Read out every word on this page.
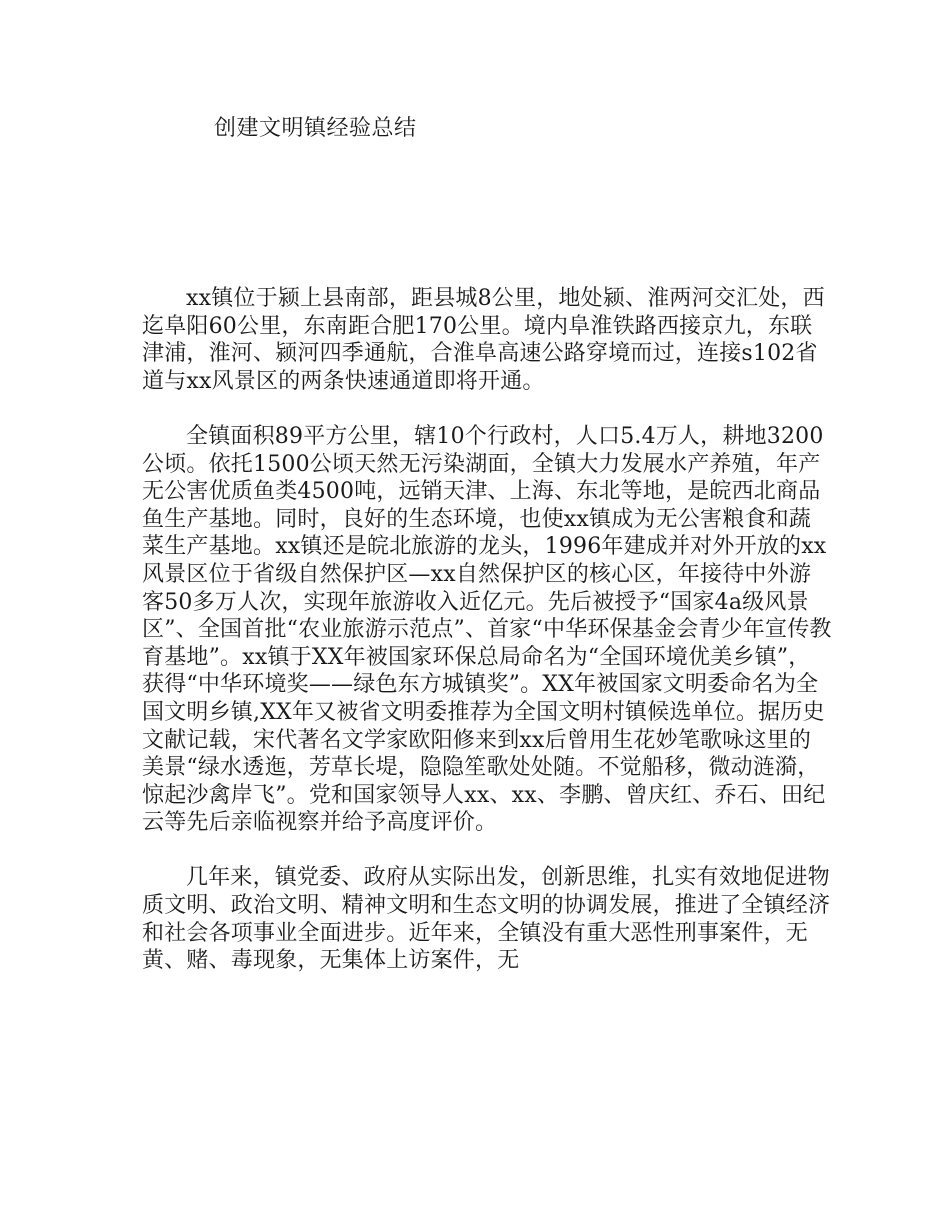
创建文明镇经验总结

xx镇位于颍上县南部，距县城8公里，地处颍、淮两河交汇处，西迄阜阳60公里，东南距合肥170公里。境内阜淮铁路西接京九，东联津浦，淮河、颍河四季通航，合淮阜高速公路穿境而过，连接s102省道与xx风景区的两条快速通道即将开通。

全镇面积89平方公里，辖10个行政村，人口5.4万人，耕地3200公顷。依托1500公顷天然无污染湖面，全镇大力发展水产养殖，年产无公害优质鱼类4500吨，远销天津、上海、东北等地，是皖西北商品鱼生产基地。同时，良好的生态环境，也使xx镇成为无公害粮食和蔬菜生产基地。xx镇还是皖北旅游的龙头，1996年建成并对外开放的xx风景区位于省级自然保护区—xx自然保护区的核心区，年接待中外游客50多万人次，实现年旅游收入近亿元。先后被授予“国家4a级风景区”、全国首批“农业旅游示范点”、首家“中华环保基金会青少年宣传教育基地”。xx镇于XX年被国家环保总局命名为“全国环境优美乡镇”，获得“中华环境奖——绿色东方城镇奖”。XX年被国家文明委命名为全国文明乡镇,XX年又被省文明委推荐为全国文明村镇候选单位。据历史文献记载，宋代著名文学家欧阳修来到xx后曾用生花妙笔歌咏这里的美景“绿水透迤，芳草长堤，隐隐笙歌处处随。不觉船移，微动涟漪，惊起沙禽岸飞”。党和国家领导人xx、xx、李鹏、曾庆红、乔石、田纪云等先后亲临视察并给予高度评价。

几年来，镇党委、政府从实际出发，创新思维，扎实有效地促进物质文明、政治文明、精神文明和生态文明的协调发展，推进了全镇经济和社会各项事业全面进步。近年来，全镇没有重大恶性刑事案件，无黄、赌、毒现象，无集体上访案件，无
